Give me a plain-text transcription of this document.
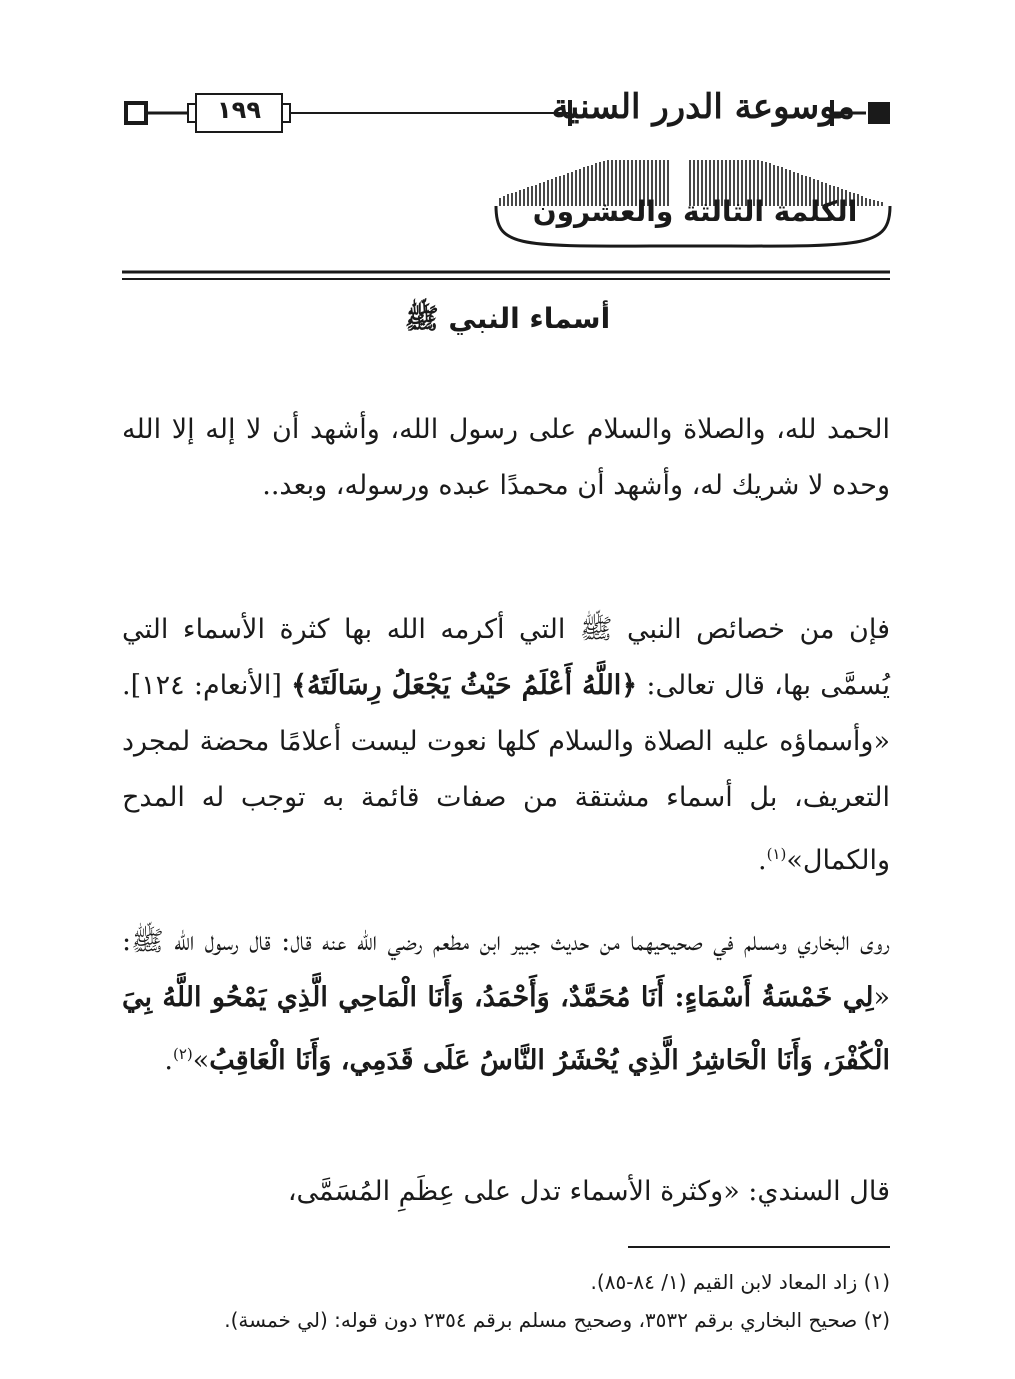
موسوعة الدرر السنية
١٩٩
الكلمة الثالثة والعشرون
أسماء النبي ﷺ
الحمد لله، والصلاة والسلام على رسول الله، وأشهد أن لا إله إلا الله وحده لا شريك له، وأشهد أن محمدًا عبده ورسوله، وبعد..
فإن من خصائص النبي ﷺ التي أكرمه الله بها كثرة الأسماء التي يُسمَّى بها، قال تعالى: ﴿اللَّهُ أَعْلَمُ حَيْثُ يَجْعَلُ رِسَالَتَهُ﴾ [الأنعام: ١٢٤]. «وأسماؤه عليه الصلاة والسلام كلها نعوت ليست أعلامًا محضة لمجرد التعريف، بل أسماء مشتقة من صفات قائمة به توجب له المدح والكمال»$^{(١)}$.
روى البخاري ومسلم في صحيحيهما من حديث جبير ابن مطعم رضي الله عنه قال: قال رسول الله ﷺ: «لِي خَمْسَةُ أَسْمَاءٍ: أَنَا مُحَمَّدٌ، وَأَحْمَدُ، وَأَنَا الْمَاحِي الَّذِي يَمْحُو اللَّهُ بِيَ الْكُفْرَ، وَأَنَا الْحَاشِرُ الَّذِي يُحْشَرُ النَّاسُ عَلَى قَدَمِي، وَأَنَا الْعَاقِبُ»$^{(٢)}$.
قال السندي: «وكثرة الأسماء تدل على عِظَمِ المُسَمَّى،
(١) زاد المعاد لابن القيم (١/ ٨٤-٨٥).
(٢) صحيح البخاري برقم ٣٥٣٢، وصحيح مسلم برقم ٢٣٥٤ دون قوله: (لي خمسة).
